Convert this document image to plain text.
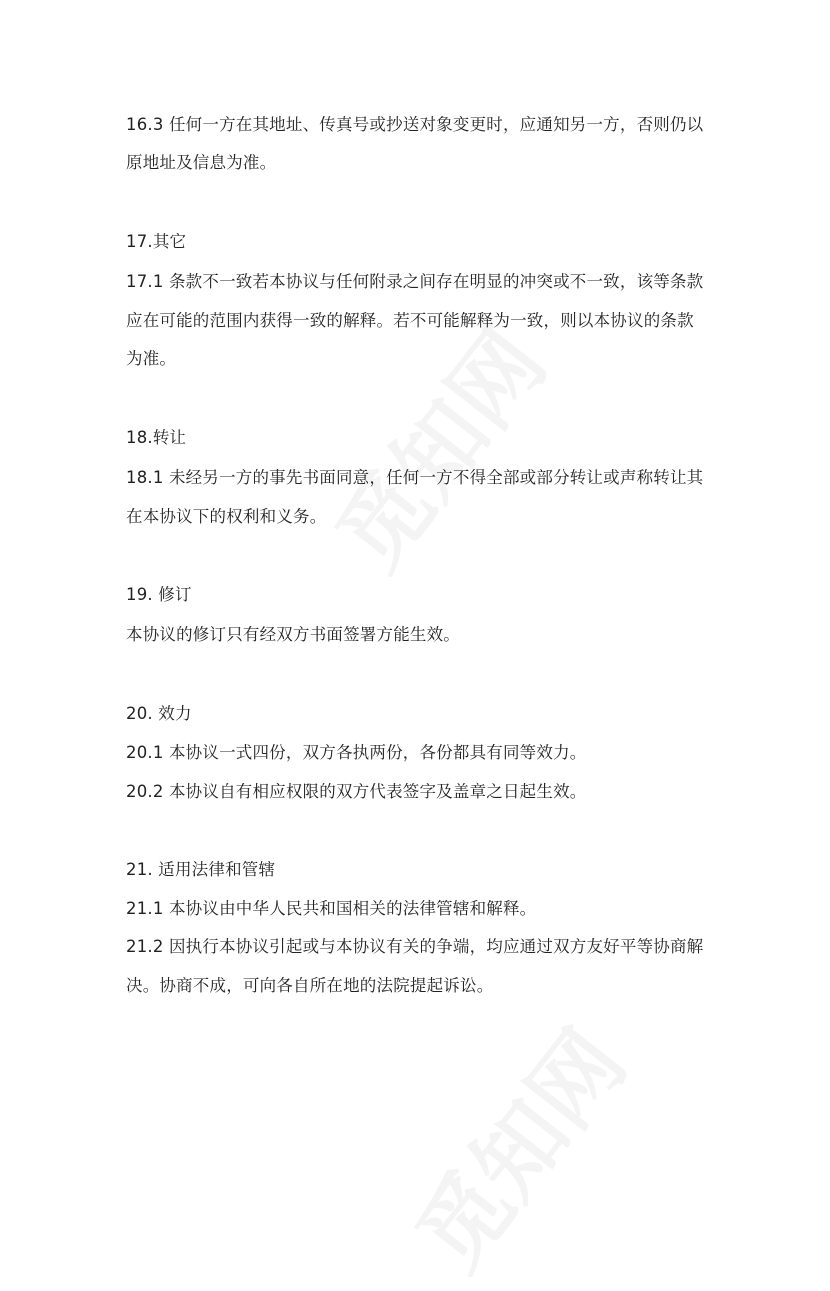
16.3 任何一方在其地址、传真号或抄送对象变更时，应通知另一方，否则仍以
原地址及信息为准。
17.其它
17.1 条款不一致若本协议与任何附录之间存在明显的冲突或不一致，该等条款
应在可能的范围内获得一致的解释。若不可能解释为一致，则以本协议的条款
为准。
18.转让
18.1 未经另一方的事先书面同意，任何一方不得全部或部分转让或声称转让其
在本协议下的权利和义务。
19. 修订
本协议的修订只有经双方书面签署方能生效。
20. 效力
20.1 本协议一式四份，双方各执两份，各份都具有同等效力。
20.2 本协议自有相应权限的双方代表签字及盖章之日起生效。
21. 适用法律和管辖
21.1 本协议由中华人民共和国相关的法律管辖和解释。
21.2 因执行本协议引起或与本协议有关的争端，均应通过双方友好平等协商解
决。协商不成，可向各自所在地的法院提起诉讼。
